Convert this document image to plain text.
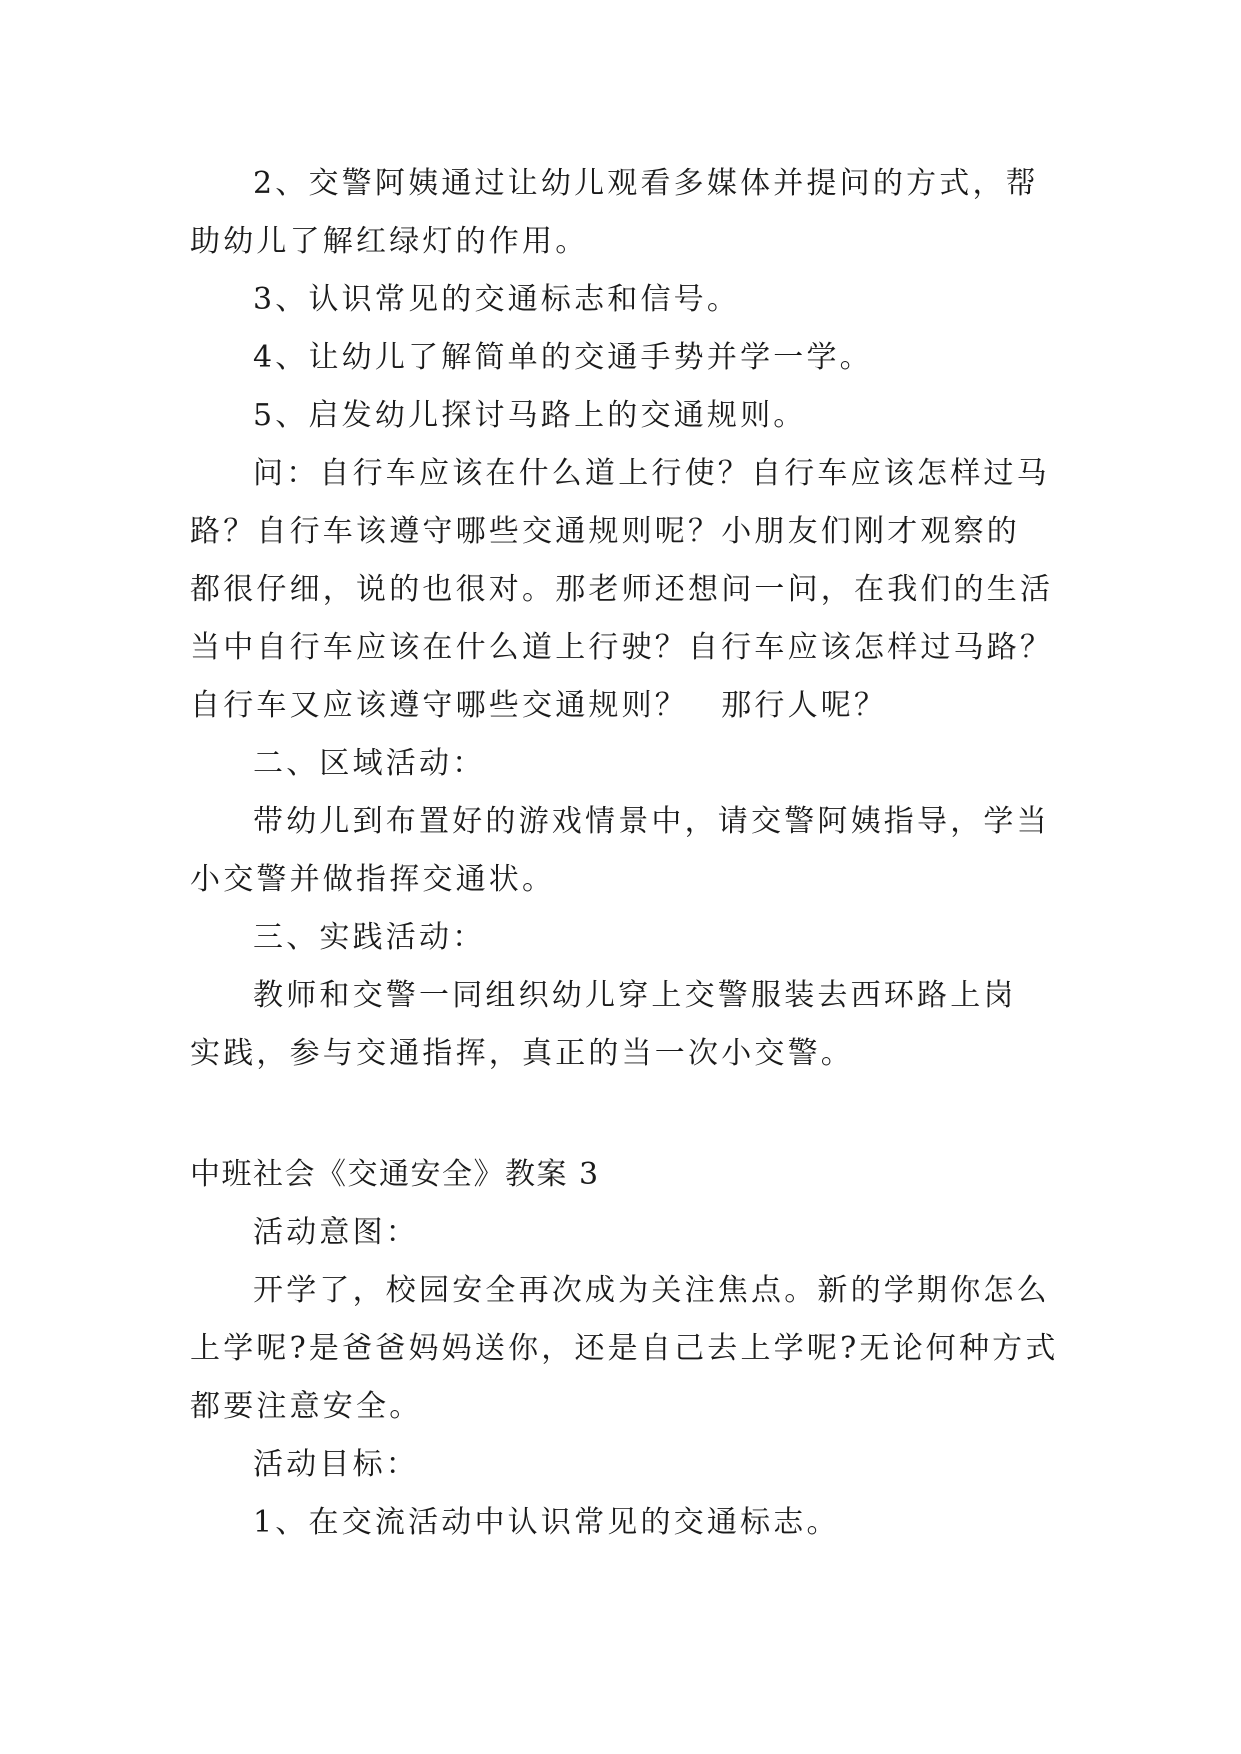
2、交警阿姨通过让幼儿观看多媒体并提问的方式，帮
助幼儿了解红绿灯的作用。
3、认识常见的交通标志和信号。
4、让幼儿了解简单的交通手势并学一学。
5、启发幼儿探讨马路上的交通规则。
问：自行车应该在什么道上行使？自行车应该怎样过马
路？自行车该遵守哪些交通规则呢？小朋友们刚才观察的
都很仔细，说的也很对。那老师还想问一问，在我们的生活
当中自行车应该在什么道上行驶？自行车应该怎样过马路？
自行车又应该遵守哪些交通规则？　那行人呢？
二、区域活动：
带幼儿到布置好的游戏情景中，请交警阿姨指导，学当
小交警并做指挥交通状。
三、实践活动：
教师和交警一同组织幼儿穿上交警服装去西环路上岗
实践，参与交通指挥，真正的当一次小交警。
中班社会《交通安全》教案 3
活动意图：
开学了，校园安全再次成为关注焦点。新的学期你怎么
上学呢?是爸爸妈妈送你，还是自己去上学呢?无论何种方式
都要注意安全。
活动目标：
1、在交流活动中认识常见的交通标志。
